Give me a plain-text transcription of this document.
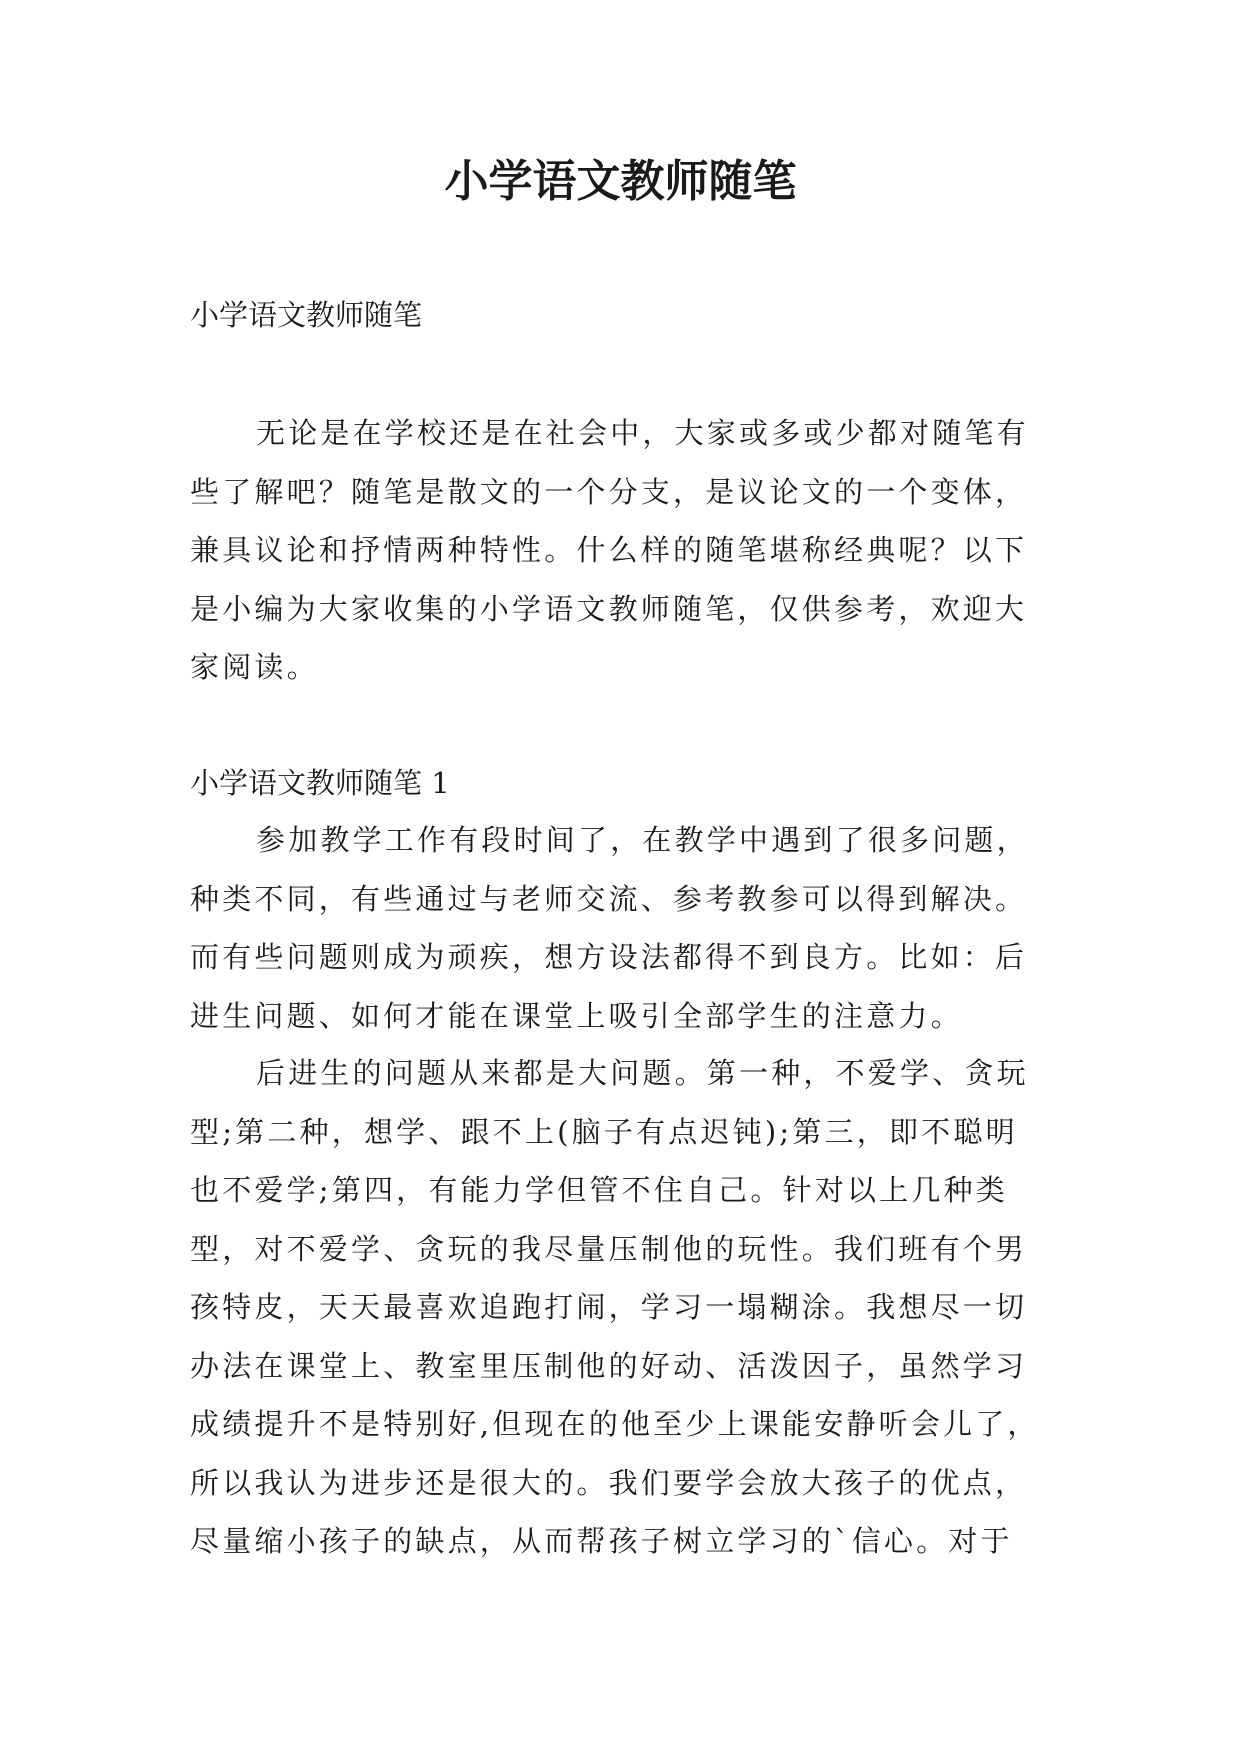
小学语文教师随笔

小学语文教师随笔

无论是在学校还是在社会中，大家或多或少都对随笔有
些了解吧？随笔是散文的一个分支，是议论文的一个变体，
兼具议论和抒情两种特性。什么样的随笔堪称经典呢？以下
是小编为大家收集的小学语文教师随笔，仅供参考，欢迎大
家阅读。

小学语文教师随笔 1

参加教学工作有段时间了，在教学中遇到了很多问题，
种类不同，有些通过与老师交流、参考教参可以得到解决。
而有些问题则成为顽疾，想方设法都得不到良方。比如：后
进生问题、如何才能在课堂上吸引全部学生的注意力。

后进生的问题从来都是大问题。第一种，不爱学、贪玩
型;第二种，想学、跟不上(脑子有点迟钝);第三，即不聪明
也不爱学;第四，有能力学但管不住自己。针对以上几种类
型，对不爱学、贪玩的我尽量压制他的玩性。我们班有个男
孩特皮，天天最喜欢追跑打闹，学习一塌糊涂。我想尽一切
办法在课堂上、教室里压制他的好动、活泼因子，虽然学习
成绩提升不是特别好,但现在的他至少上课能安静听会儿了，
所以我认为进步还是很大的。我们要学会放大孩子的优点，
尽量缩小孩子的缺点，从而帮孩子树立学习的`信心。对于
